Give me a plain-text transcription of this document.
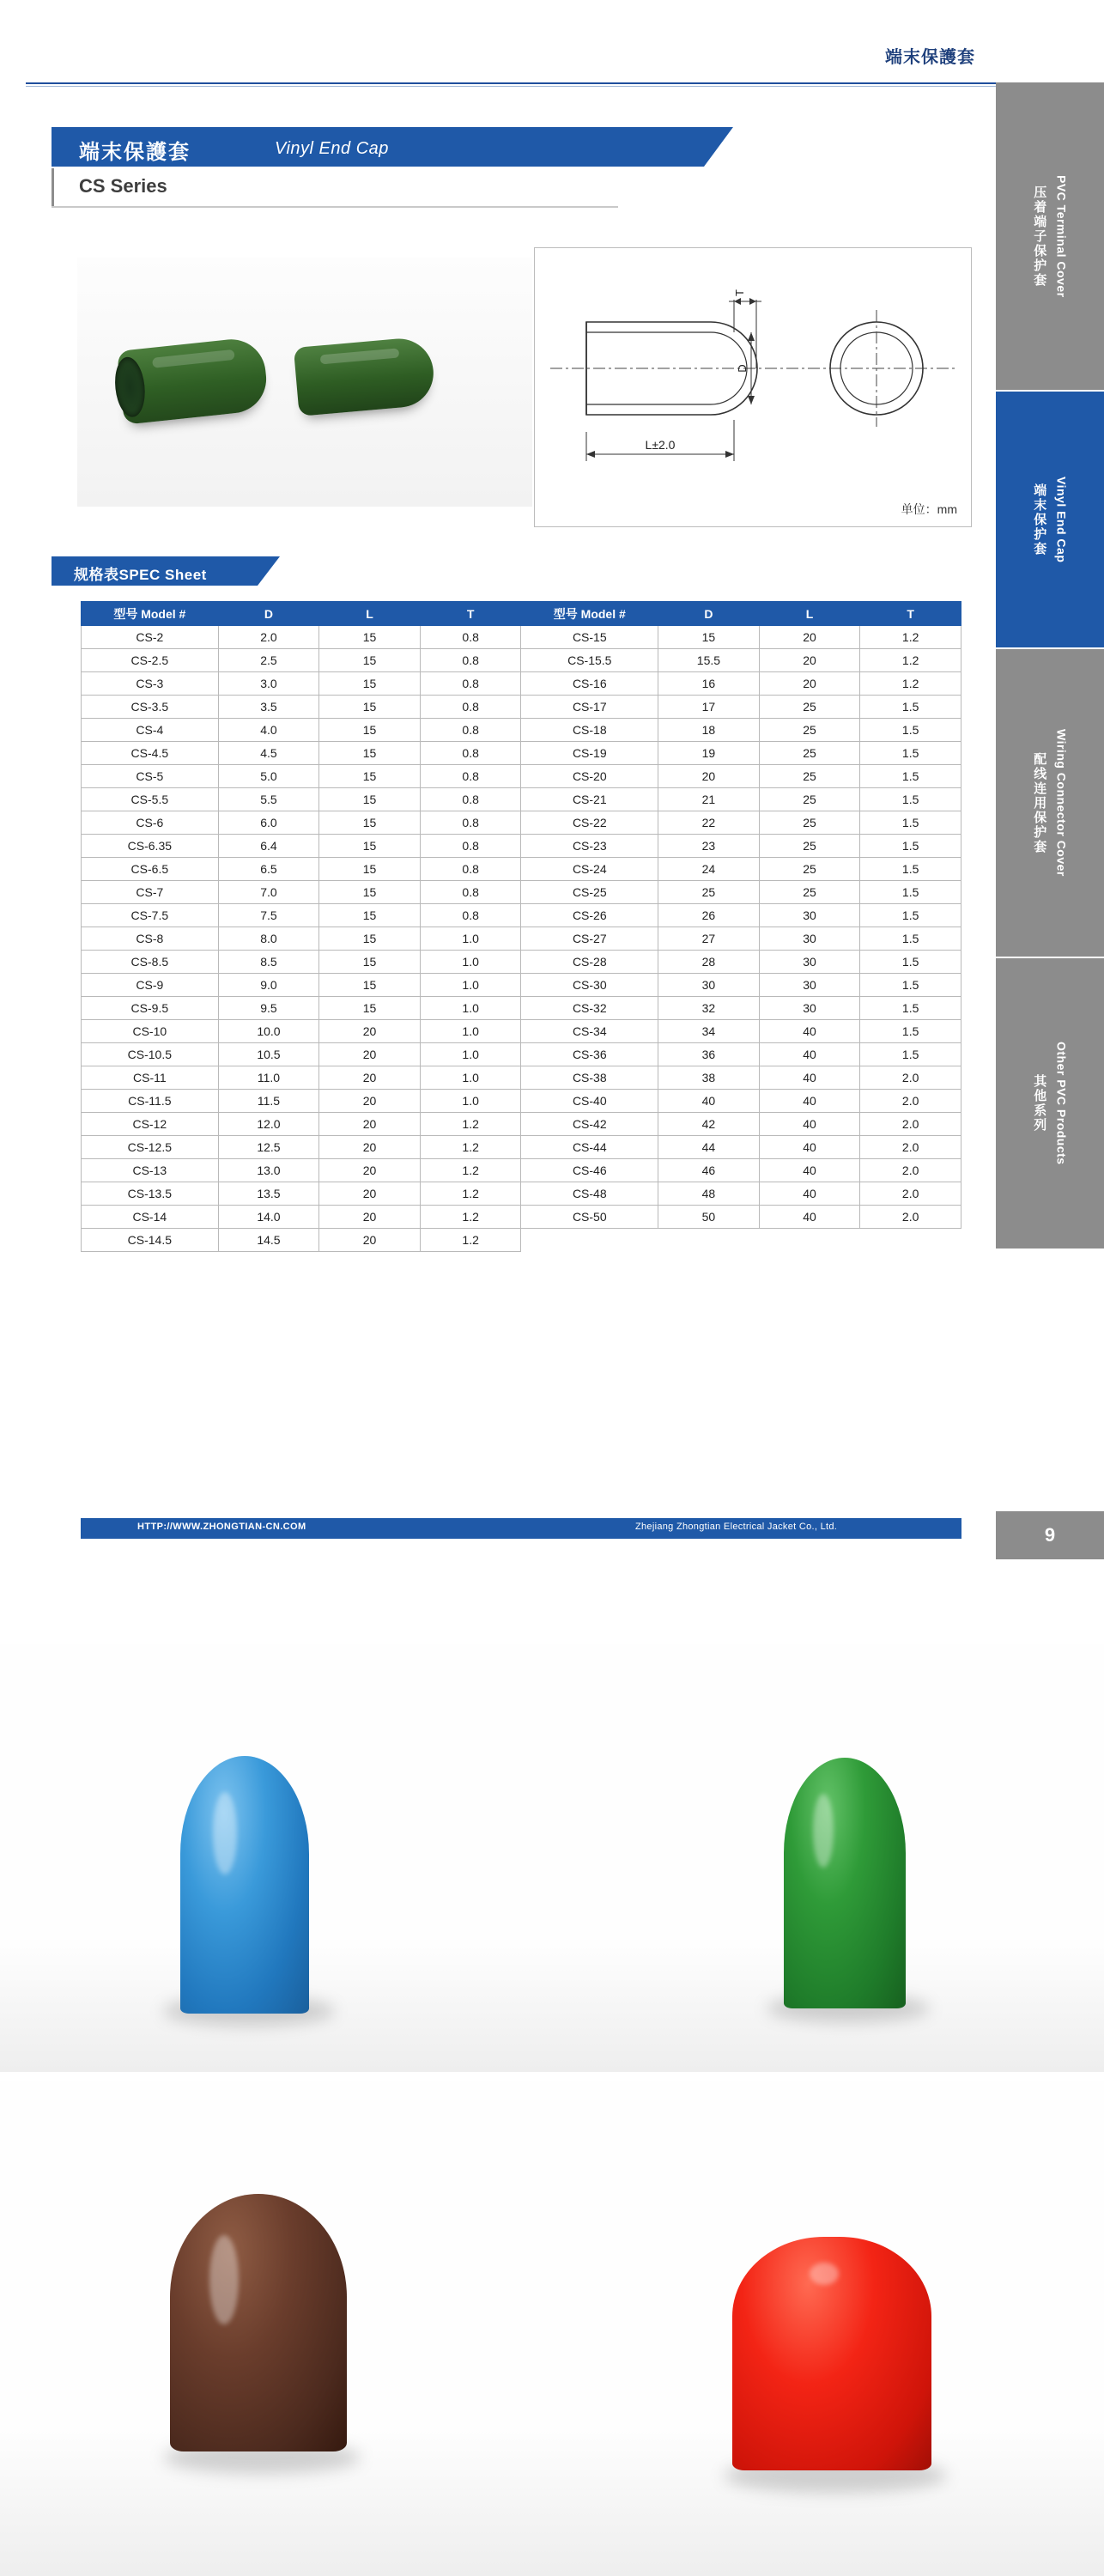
端末保護套
端末保護套	Vinyl End Cap
CS Series
T
D
L±2.0
单位：mm
规格表SPEC Sheet
型号 Model #	D	L	T	型号 Model #	D	L	T
CS-2	2.0	15	0.8	CS-15	15	20	1.2
CS-2.5	2.5	15	0.8	CS-15.5	15.5	20	1.2
CS-3	3.0	15	0.8	CS-16	16	20	1.2
CS-3.5	3.5	15	0.8	CS-17	17	25	1.5
CS-4	4.0	15	0.8	CS-18	18	25	1.5
CS-4.5	4.5	15	0.8	CS-19	19	25	1.5
CS-5	5.0	15	0.8	CS-20	20	25	1.5
CS-5.5	5.5	15	0.8	CS-21	21	25	1.5
CS-6	6.0	15	0.8	CS-22	22	25	1.5
CS-6.35	6.4	15	0.8	CS-23	23	25	1.5
CS-6.5	6.5	15	0.8	CS-24	24	25	1.5
CS-7	7.0	15	0.8	CS-25	25	25	1.5
CS-7.5	7.5	15	0.8	CS-26	26	30	1.5
CS-8	8.0	15	1.0	CS-27	27	30	1.5
CS-8.5	8.5	15	1.0	CS-28	28	30	1.5
CS-9	9.0	15	1.0	CS-30	30	30	1.5
CS-9.5	9.5	15	1.0	CS-32	32	30	1.5
CS-10	10.0	20	1.0	CS-34	34	40	1.5
CS-10.5	10.5	20	1.0	CS-36	36	40	1.5
CS-11	11.0	20	1.0	CS-38	38	40	2.0
CS-11.5	11.5	20	1.0	CS-40	40	40	2.0
CS-12	12.0	20	1.2	CS-42	42	40	2.0
CS-12.5	12.5	20	1.2	CS-44	44	40	2.0
CS-13	13.0	20	1.2	CS-46	46	40	2.0
CS-13.5	13.5	20	1.2	CS-48	48	40	2.0
CS-14	14.0	20	1.2	CS-50	50	40	2.0
CS-14.5	14.5	20	1.2				
HTTP://WWW.ZHONGTIAN-CN.COM	Zhejiang Zhongtian Electrical Jacket Co., Ltd.
压着端子保护套 PVC Terminal Cover
端末保护套 Vinyl End Cap
配线连用保护套 Wiring Connector Cover
其他系列 Other PVC Products
9
